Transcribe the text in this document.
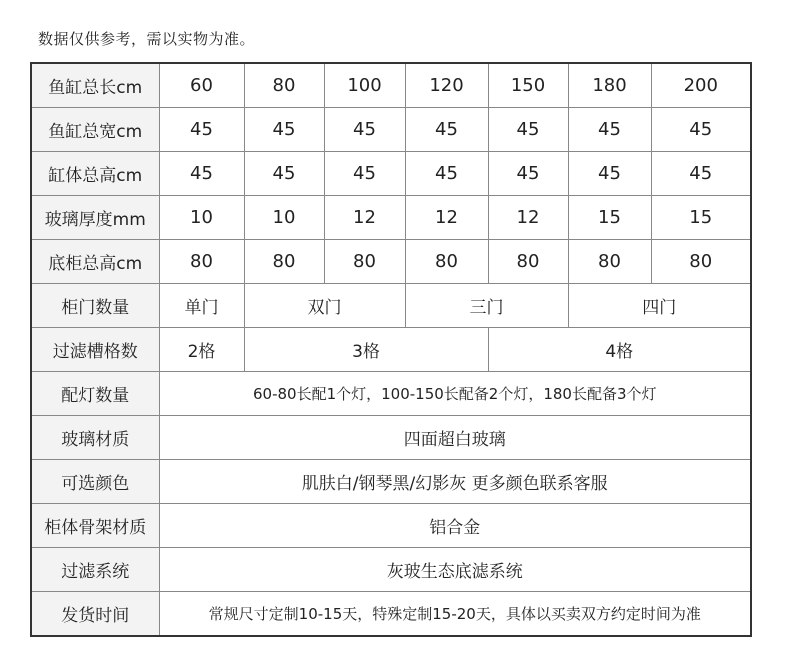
数据仅供参考，需以实物为准。
鱼缸总长cm	60	80	100	120	150	180	200
鱼缸总宽cm	45	45	45	45	45	45	45
缸体总高cm	45	45	45	45	45	45	45
玻璃厚度mm	10	10	12	12	12	15	15
底柜总高cm	80	80	80	80	80	80	80
柜门数量	单门	双门		三门		四门	
过滤槽格数	2格	3格			4格		
配灯数量	60-80长配1个灯，100-150长配备2个灯，180长配备3个灯						
玻璃材质	四面超白玻璃						
可选颜色	肌肤白/钢琴黑/幻影灰 更多颜色联系客服						
柜体骨架材质	铝合金						
过滤系统	灰玻生态底滤系统						
发货时间	常规尺寸定制10-15天，特殊定制15-20天，具体以买卖双方约定时间为准						
